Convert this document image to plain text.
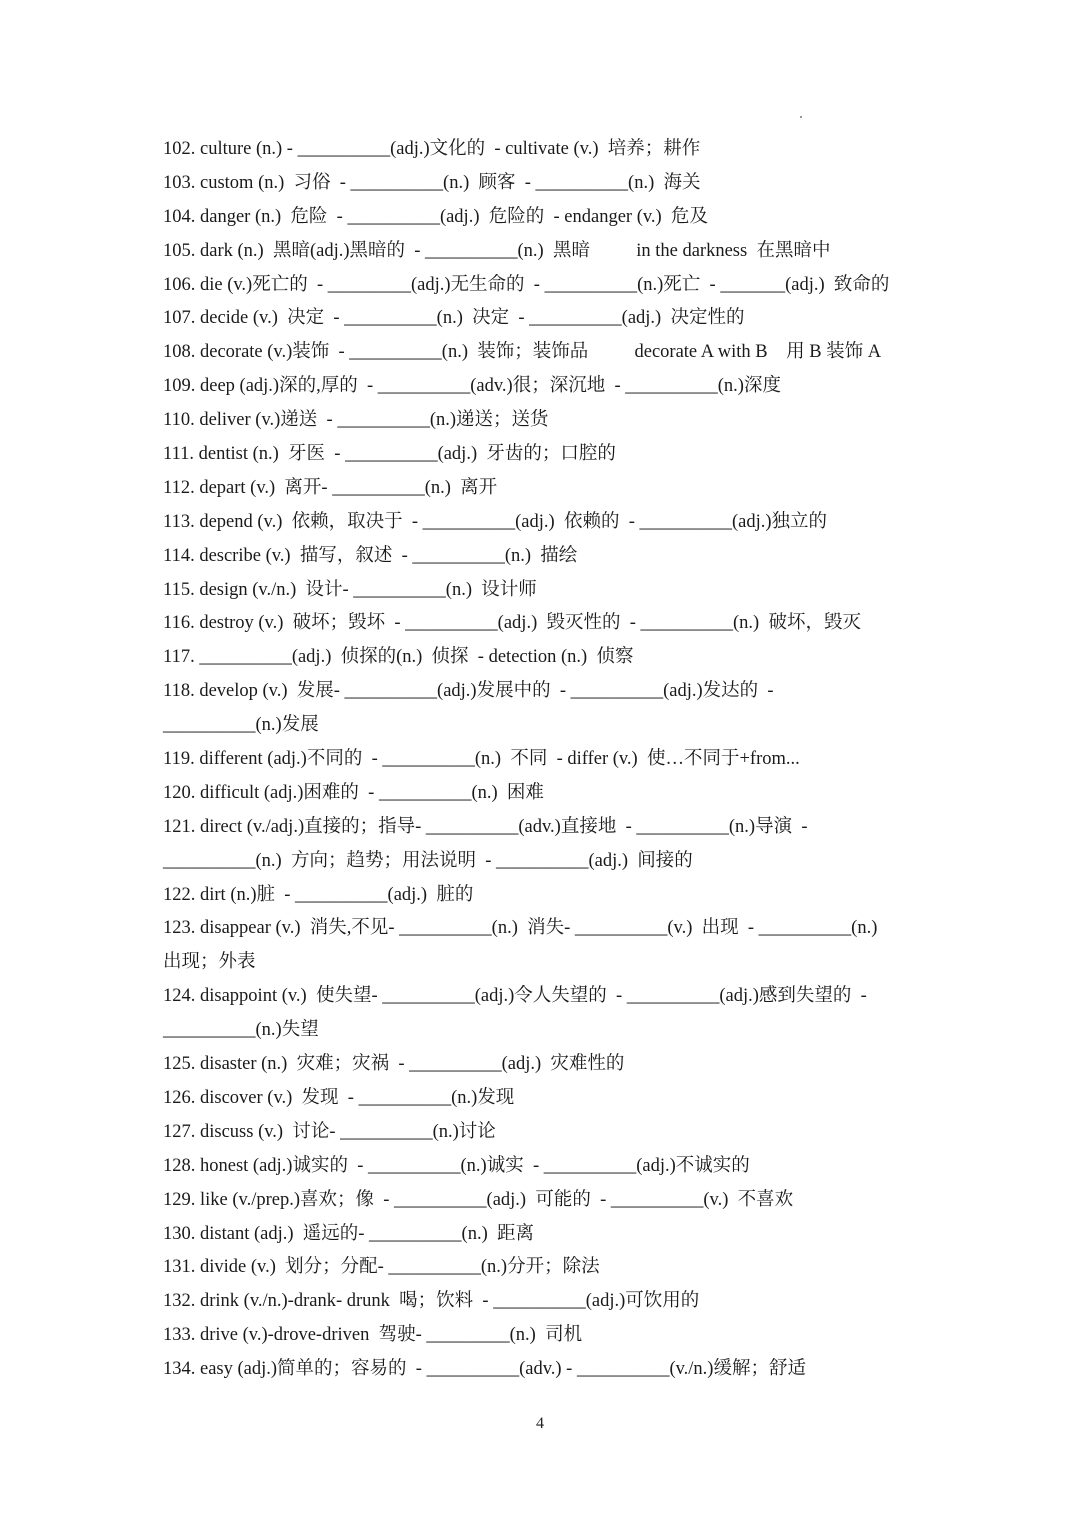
102. culture (n.) - __________(adj.)文化的  - cultivate (v.)  培养；耕作
103. custom (n.)  习俗  - __________(n.)  顾客  - __________(n.)  海关
104. danger (n.)  危险  - __________(adj.)  危险的  - endanger (v.)  危及
105. dark (n.)  黑暗(adj.)黑暗的  - __________(n.)  黑暗          in the darkness  在黑暗中
106. die (v.)死亡的  - _________(adj.)无生命的  - __________(n.)死亡  - _______(adj.)  致命的
107. decide (v.)  决定  - __________(n.)  决定  - __________(adj.)  决定性的
108. decorate (v.)装饰  - __________(n.)  装饰；装饰品          decorate A with B    用 B 装饰 A
109. deep (adj.)深的,厚的  - __________(adv.)很；深沉地  - __________(n.)深度
110. deliver (v.)递送  - __________(n.)递送；送货
111. dentist (n.)  牙医  - __________(adj.)  牙齿的；口腔的
112. depart (v.)  离开- __________(n.)  离开
113. depend (v.)  依赖，取决于  - __________(adj.)  依赖的  - __________(adj.)独立的
114. describe (v.)  描写，叙述  - __________(n.)  描绘
115. design (v./n.)  设计- __________(n.)  设计师
116. destroy (v.)  破坏；毁坏  - __________(adj.)  毁灭性的  - __________(n.)  破坏，毁灭
117. __________(adj.)  侦探的(n.)  侦探  - detection (n.)  侦察
118. develop (v.)  发展- __________(adj.)发展中的  - __________(adj.)发达的  -
__________(n.)发展
119. different (adj.)不同的  - __________(n.)  不同  - differ (v.)  使…不同于+from...
120. difficult (adj.)困难的  - __________(n.)  困难
121. direct (v./adj.)直接的；指导- __________(adv.)直接地  - __________(n.)导演  -
__________(n.)  方向；趋势；用法说明  - __________(adj.)  间接的
122. dirt (n.)脏  - __________(adj.)  脏的
123. disappear (v.)  消失,不见- __________(n.)  消失- __________(v.)  出现  - __________(n.)
出现；外表
124. disappoint (v.)  使失望- __________(adj.)令人失望的  - __________(adj.)感到失望的  -
__________(n.)失望
125. disaster (n.)  灾难；灾祸  - __________(adj.)  灾难性的
126. discover (v.)  发现  - __________(n.)发现
127. discuss (v.)  讨论- __________(n.)讨论
128. honest (adj.)诚实的  - __________(n.)诚实  - __________(adj.)不诚实的
129. like (v./prep.)喜欢；像  - __________(adj.)  可能的  - __________(v.)  不喜欢
130. distant (adj.)  遥远的- __________(n.)  距离
131. divide (v.)  划分；分配- __________(n.)分开；除法
132. drink (v./n.)-drank- drunk  喝；饮料  - __________(adj.)可饮用的
133. drive (v.)-drove-driven  驾驶- _________(n.)  司机
134. easy (adj.)简单的；容易的  - __________(adv.) - __________(v./n.)缓解；舒适
4
